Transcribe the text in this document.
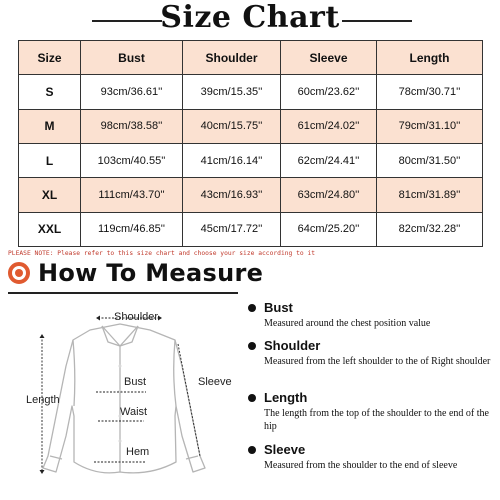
Size Chart
Size	Bust	Shoulder	Sleeve	Length
S	93cm/36.61''	39cm/15.35''	60cm/23.62''	78cm/30.71''
M	98cm/38.58''	40cm/15.75''	61cm/24.02''	79cm/31.10''
L	103cm/40.55''	41cm/16.14''	62cm/24.41''	80cm/31.50''
XL	111cm/43.70''	43cm/16.93''	63cm/24.80''	81cm/31.89''
XXL	119cm/46.85''	45cm/17.72''	64cm/25.20''	82cm/32.28''
PLEASE NOTE: Please refer to this size chart and choose your size according to it
How To Measure
Shoulder
Bust
Waist
Hem
Length
Sleeve
Bust
Measured around the chest position value
Shoulder
Measured from the left shoulder to the of Right shoulder
Length
The length from the top of the shoulder to the end of the hip
Sleeve
Measured from the shoulder to the end of sleeve
